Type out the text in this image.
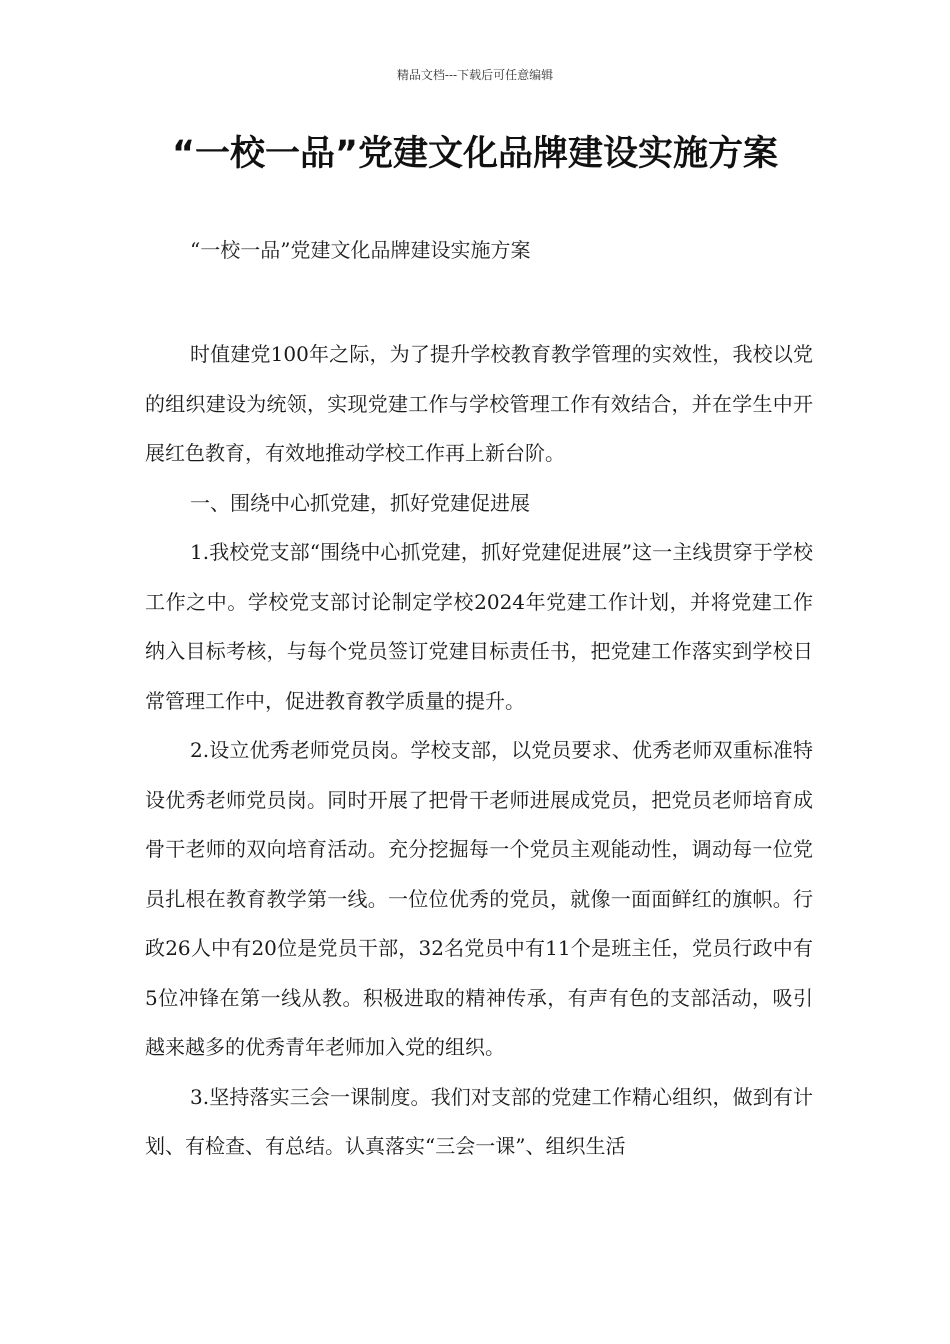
精品文档---下载后可任意编辑
“一校一品”党建文化品牌建设实施方案
“一校一品”党建文化品牌建设实施方案

时值建党100年之际，为了提升学校教育教学管理的实效性，我校以党的组织建设为统领，实现党建工作与学校管理工作有效结合，并在学生中开展红色教育，有效地推动学校工作再上新台阶。

一、围绕中心抓党建，抓好党建促进展

1.我校党支部“围绕中心抓党建，抓好党建促进展”这一主线贯穿于学校工作之中。学校党支部讨论制定学校2024年党建工作计划，并将党建工作纳入目标考核，与每个党员签订党建目标责任书，把党建工作落实到学校日常管理工作中，促进教育教学质量的提升。

2.设立优秀老师党员岗。学校支部，以党员要求、优秀老师双重标准特设优秀老师党员岗。同时开展了把骨干老师进展成党员，把党员老师培育成骨干老师的双向培育活动。充分挖掘每一个党员主观能动性，调动每一位党员扎根在教育教学第一线。一位位优秀的党员，就像一面面鲜红的旗帜。行政26人中有20位是党员干部，32名党员中有11个是班主任，党员行政中有5位冲锋在第一线从教。积极进取的精神传承，有声有色的支部活动，吸引越来越多的优秀青年老师加入党的组织。

3.坚持落实三会一课制度。我们对支部的党建工作精心组织，做到有计划、有检查、有总结。认真落实“三会一课”、组织生活
